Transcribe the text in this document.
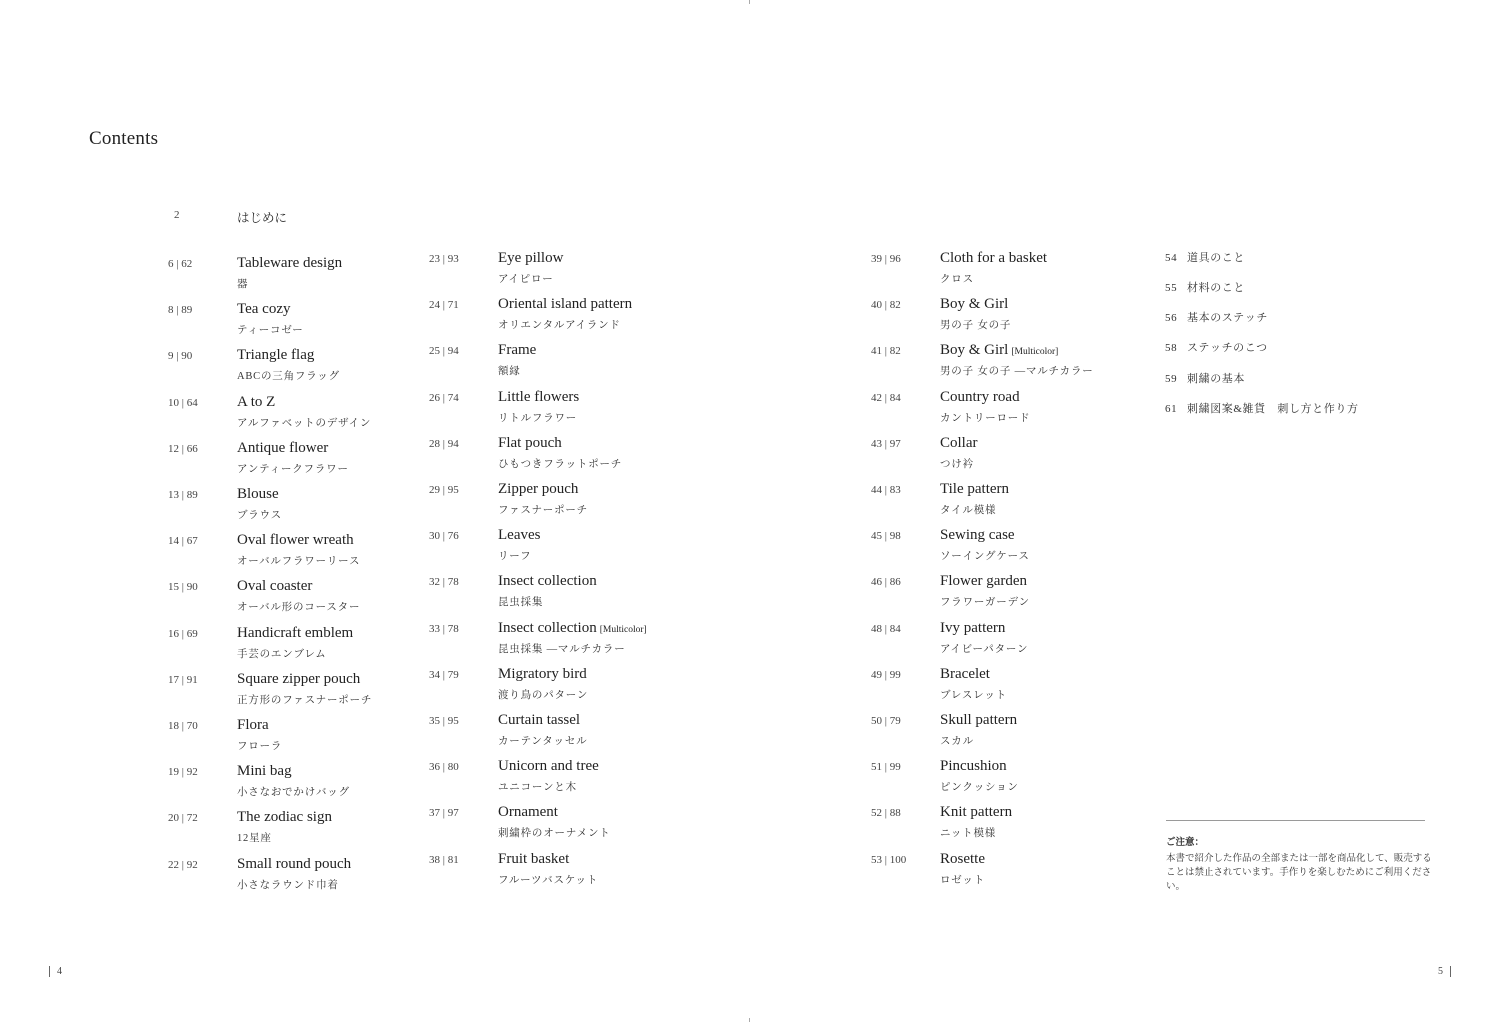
Contents
2	はじめに
6 | 62	Tableware design
器
8 | 89	Tea cozy
ティーコゼー
9 | 90	Triangle flag
ABCの三角フラッグ
10 | 64	A to Z
アルファベットのデザイン
12 | 66	Antique flower
アンティークフラワー
13 | 89	Blouse
ブラウス
14 | 67	Oval flower wreath
オーバルフラワーリース
15 | 90	Oval coaster
オーバル形のコースター
16 | 69	Handicraft emblem
手芸のエンブレム
17 | 91	Square zipper pouch
正方形のファスナーポーチ
18 | 70	Flora
フローラ
19 | 92	Mini bag
小さなおでかけバッグ
20 | 72	The zodiac sign
12星座
22 | 92	Small round pouch
小さなラウンド巾着
23 | 93	Eye pillow
アイピロー
24 | 71	Oriental island pattern
オリエンタルアイランド
25 | 94	Frame
額縁
26 | 74	Little flowers
リトルフラワー
28 | 94	Flat pouch
ひもつきフラットポーチ
29 | 95	Zipper pouch
ファスナーポーチ
30 | 76	Leaves
リーフ
32 | 78	Insect collection
昆虫採集
33 | 78	Insect collection [Multicolor]
昆虫採集 —マルチカラー
34 | 79	Migratory bird
渡り鳥のパターン
35 | 95	Curtain tassel
カーテンタッセル
36 | 80	Unicorn and tree
ユニコーンと木
37 | 97	Ornament
刺繍枠のオーナメント
38 | 81	Fruit basket
フルーツバスケット
39 | 96	Cloth for a basket
クロス
40 | 82	Boy & Girl
男の子 女の子
41 | 82	Boy & Girl [Multicolor]
男の子 女の子 —マルチカラー
42 | 84	Country road
カントリーロード
43 | 97	Collar
つけ衿
44 | 83	Tile pattern
タイル模様
45 | 98	Sewing case
ソーイングケース
46 | 86	Flower garden
フラワーガーデン
48 | 84	Ivy pattern
アイビーパターン
49 | 99	Bracelet
ブレスレット
50 | 79	Skull pattern
スカル
51 | 99	Pincushion
ピンクッション
52 | 88	Knit pattern
ニット模様
53 | 100 Rosette
ロゼット
54 道具のこと
55 材料のこと
56 基本のステッチ
58 ステッチのこつ
59 刺繍の基本
61 刺繍図案&雑貨　刺し方と作り方
ご注意：
本書で紹介した作品の全部または一部を商品化して、販売することは禁止されています。手作りを楽しむためにご利用ください。
4	5
